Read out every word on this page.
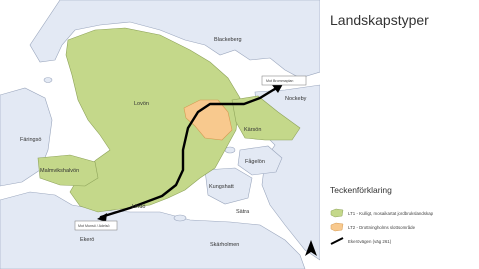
Mot Brommaplan
Mot Munsö / Adelsö
Blackeberg
Lovön
Nockeby
Kärsön
Färingsö
Fågelön
Kungshatt
Malmvikshalvön
Lindö
Sätra
Ekerö
Skärholmen
Landskapstyper
Teckenförklaring
LT1 - Kulligt, mosaikartat jordbrukslandskap
LT2 - Drottningholms slottsområde
Ekerövägen (väg 261)
